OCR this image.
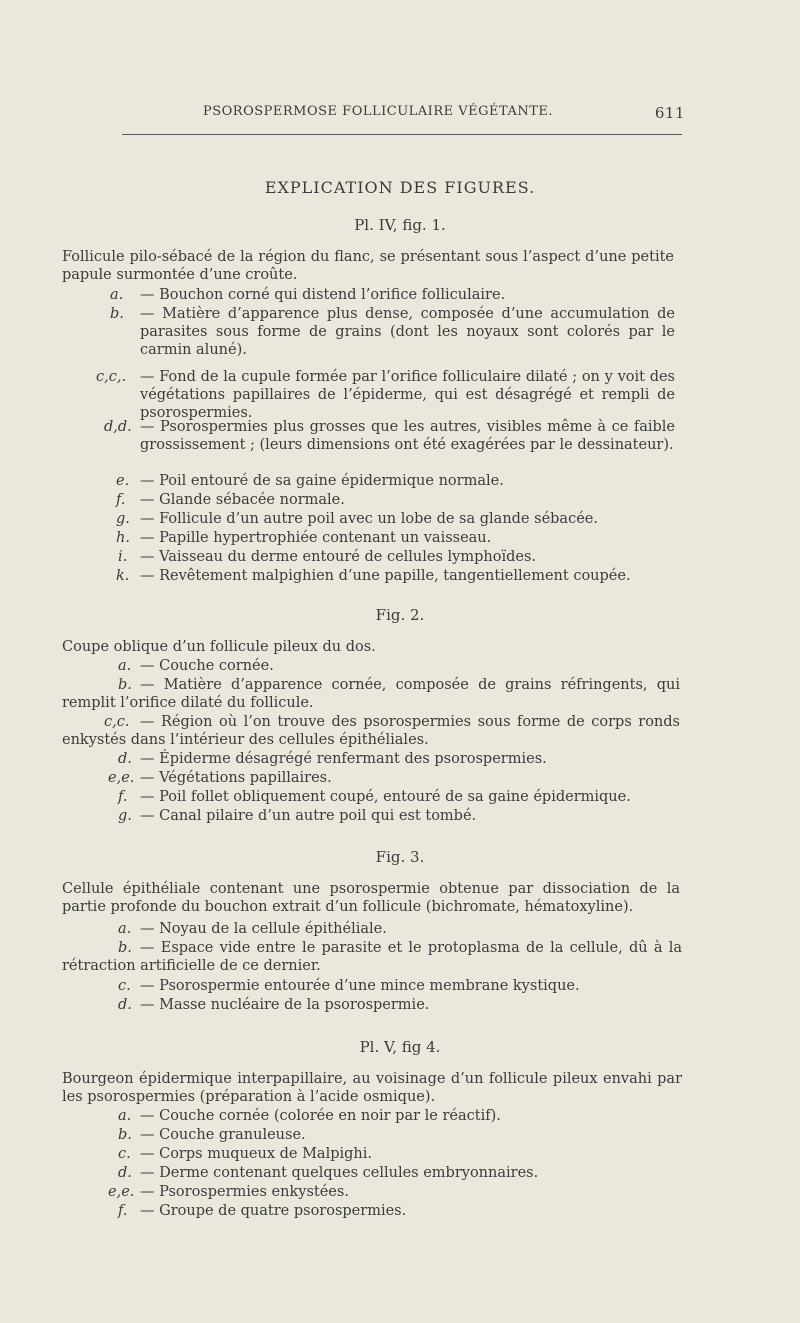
PSOROSPERMOSE FOLLICULAIRE VÉGÉTANTE.	611
EXPLICATION DES FIGURES.
Pl. IV, fig. 1.
Follicule pilo-sébacé de la région du flanc, se présentant sous l’aspect d’une petite papule surmontée d’une croûte.
a. — Bouchon corné qui distend l’orifice folliculaire.
b. — Matière d’apparence plus dense, composée d’une accumulation de parasites sous forme de grains (dont les noyaux sont colorés par le carmin aluné).
c,c,. — Fond de la cupule formée par l’orifice folliculaire dilaté ; on y voit des végétations papillaires de l’épiderme, qui est désagrégé et rempli de psorospermies.
d,d. — Psorospermies plus grosses que les autres, visibles même à ce faible grossissement ; (leurs dimensions ont été exagérées par le dessinateur).
e. — Poil entouré de sa gaine épidermique normale.
f. — Glande sébacée normale.
g. — Follicule d’un autre poil avec un lobe de sa glande sébacée.
h. — Papille hypertrophiée contenant un vaisseau.
i. — Vaisseau du derme entouré de cellules lymphoïdes.
k. — Revêtement malpighien d’une papille, tangentiellement coupée.
Fig. 2.
Coupe oblique d’un follicule pileux du dos.
a. — Couche cornée.
b. — Matière d’apparence cornée, composée de grains réfringents, qui remplit l’orifice dilaté du follicule.
c,c. — Région où l’on trouve des psorospermies sous forme de corps ronds enkystés dans l’intérieur des cellules épithéliales.
d. — Épiderme désagrégé renfermant des psorospermies.
e,e. — Végétations papillaires.
f. — Poil follet obliquement coupé, entouré de sa gaine épidermique.
g. — Canal pilaire d’un autre poil qui est tombé.
Fig. 3.
Cellule épithéliale contenant une psorospermie obtenue par dissociation de la partie profonde du bouchon extrait d’un follicule (bichromate, hématoxyline).
a. — Noyau de la cellule épithéliale.
b. — Espace vide entre le parasite et le protoplasma de la cellule, dû à la rétraction artificielle de ce dernier.
c. — Psorospermie entourée d’une mince membrane kystique.
d. — Masse nucléaire de la psorospermie.
Pl. V, fig 4.
Bourgeon épidermique interpapillaire, au voisinage d’un follicule pileux envahi par les psorospermies (préparation à l’acide osmique).
a. — Couche cornée (colorée en noir par le réactif).
b. — Couche granuleuse.
c. — Corps muqueux de Malpighi.
d. — Derme contenant quelques cellules embryonnaires.
e,e. — Psorospermies enkystées.
f. — Groupe de quatre psorospermies.
